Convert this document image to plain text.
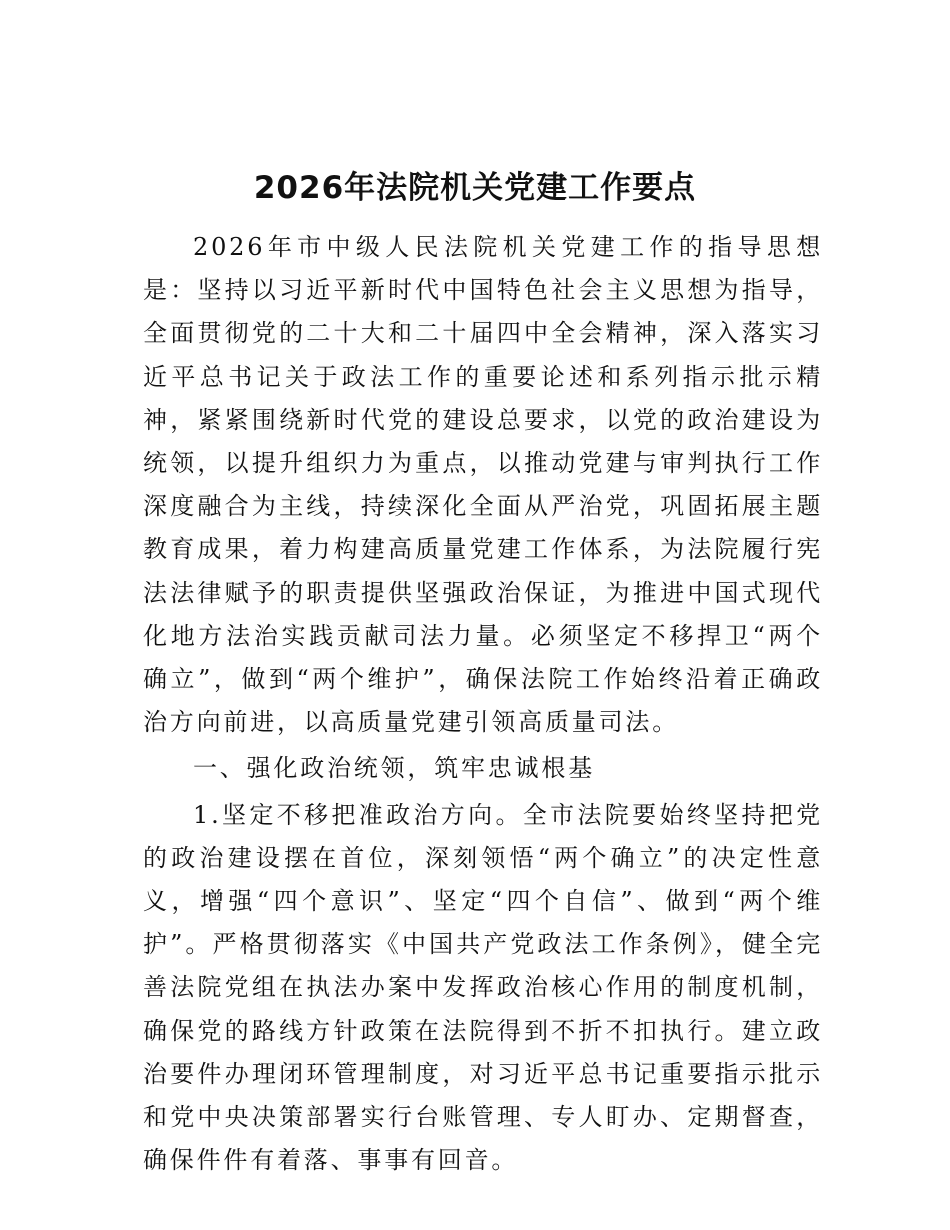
2026年法院机关党建工作要点

2026年市中级人民法院机关党建工作的指导思想是：坚持以习近平新时代中国特色社会主义思想为指导，全面贯彻党的二十大和二十届四中全会精神，深入落实习近平总书记关于政法工作的重要论述和系列指示批示精神，紧紧围绕新时代党的建设总要求，以党的政治建设为统领，以提升组织力为重点，以推动党建与审判执行工作深度融合为主线，持续深化全面从严治党，巩固拓展主题教育成果，着力构建高质量党建工作体系，为法院履行宪法法律赋予的职责提供坚强政治保证，为推进中国式现代化地方法治实践贡献司法力量。必须坚定不移捍卫“两个确立”，做到“两个维护”，确保法院工作始终沿着正确政治方向前进，以高质量党建引领高质量司法。

一、强化政治统领，筑牢忠诚根基

1.坚定不移把准政治方向。全市法院要始终坚持把党的政治建设摆在首位，深刻领悟“两个确立”的决定性意义，增强“四个意识”、坚定“四个自信”、做到“两个维护”。严格贯彻落实《中国共产党政法工作条例》，健全完善法院党组在执法办案中发挥政治核心作用的制度机制，确保党的路线方针政策在法院得到不折不扣执行。建立政治要件办理闭环管理制度，对习近平总书记重要指示批示和党中央决策部署实行台账管理、专人盯办、定期督查，确保件件有着落、事事有回音。
